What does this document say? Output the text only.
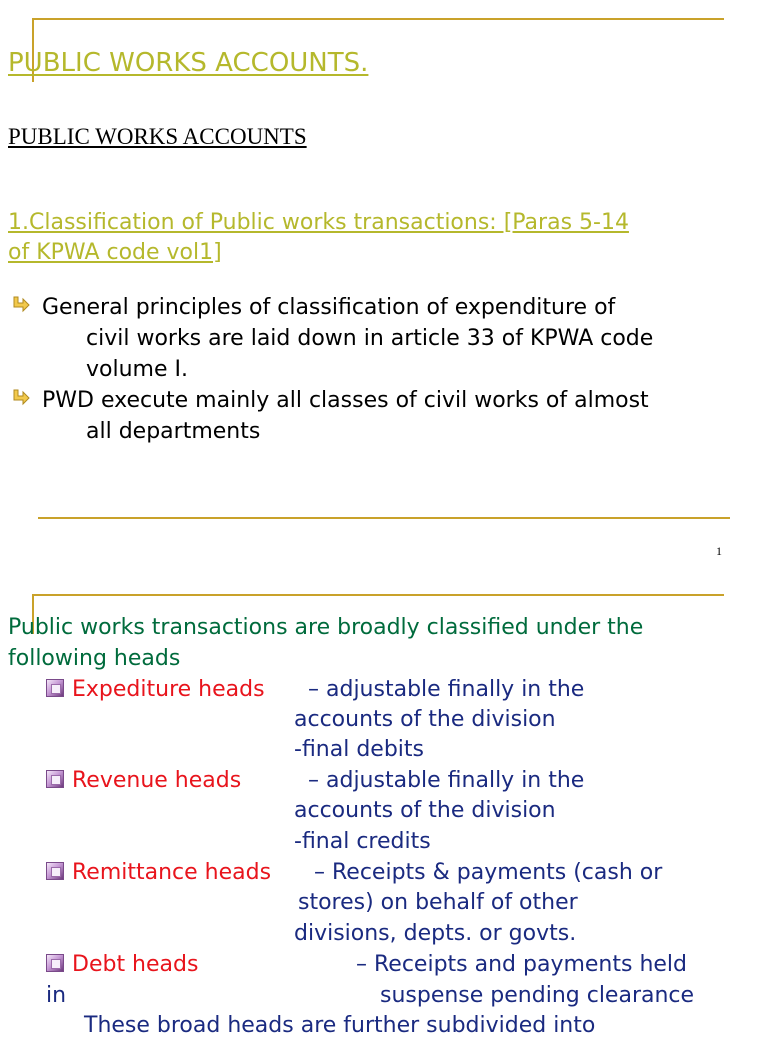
PUBLIC WORKS ACCOUNTS.
PUBLIC WORKS ACCOUNTS
1.Classification of Public works transactions: [Paras 5-14
of KPWA code vol1]
General principles of classification of expenditure of
civil works are laid down in article 33 of KPWA code
volume I.
PWD execute mainly all classes of civil works of almost
all departments
1
Public works transactions are broadly classified under the
following heads
Expediture heads – adjustable finally in the
accounts of the division
-final debits
Revenue heads	– adjustable finally in the
accounts of the division
-final credits
Remittance heads – Receipts & payments (cash or
stores) on behalf of other
divisions, depts. or govts.
Debt heads	– Receipts and payments held
in	suspense pending clearance
These broad heads are further subdivided into
